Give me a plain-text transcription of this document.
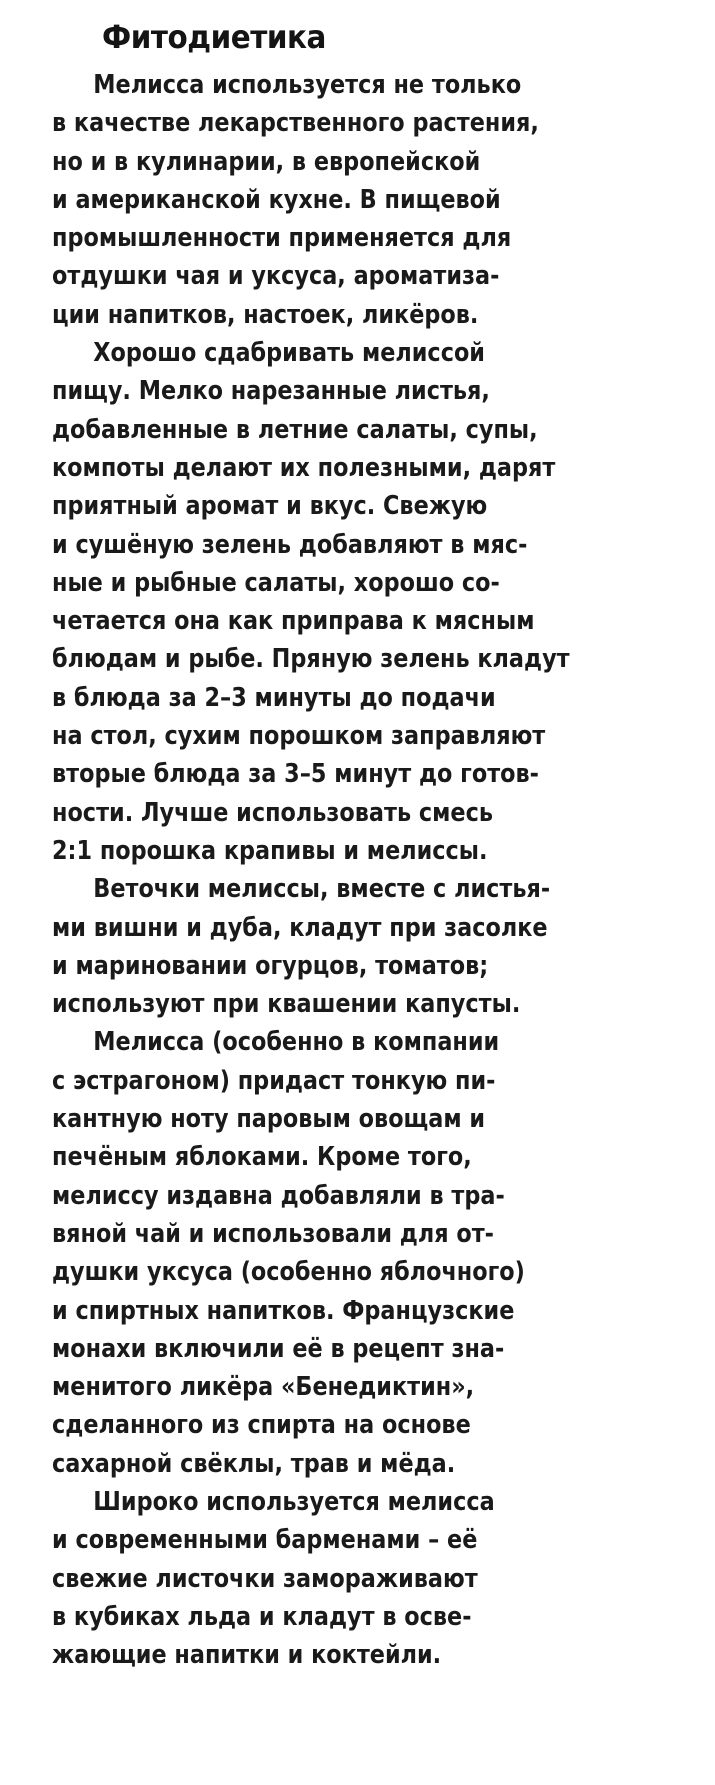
Фитодиетика
Мелисса используется не только
в качестве лекарственного растения,
но и в кулинарии, в европейской
и американской кухне. В пищевой
промышленности применяется для
отдушки чая и уксуса, ароматиза-
ции напитков, настоек, ликёров.
Хорошо сдабривать мелиссой
пищу. Мелко нарезанные листья,
добавленные в летние салаты, супы,
компоты делают их полезными, дарят
приятный аромат и вкус. Свежую
и сушёную зелень добавляют в мяс-
ные и рыбные салаты, хорошо со-
четается она как приправа к мясным
блюдам и рыбе. Пряную зелень кладут
в блюда за 2–3 минуты до подачи
на стол, сухим порошком заправляют
вторые блюда за 3–5 минут до готов-
ности. Лучше использовать смесь
2:1 порошка крапивы и мелиссы.
Веточки мелиссы, вместе с листья-
ми вишни и дуба, кладут при засолке
и мариновании огурцов, томатов;
используют при квашении капусты.
Мелисса (особенно в компании
с эстрагоном) придаст тонкую пи-
кантную ноту паровым овощам и
печёным яблоками. Кроме того,
мелиссу издавна добавляли в тра-
вяной чай и использовали для от-
душки уксуса (особенно яблочного)
и спиртных напитков. Французские
монахи включили её в рецепт зна-
менитого ликёра «Бенедиктин»,
сделанного из спирта на основе
сахарной свёклы, трав и мёда.
Широко используется мелисса
и современными барменами – её
свежие листочки замораживают
в кубиках льда и кладут в осве-
жающие напитки и коктейли.
